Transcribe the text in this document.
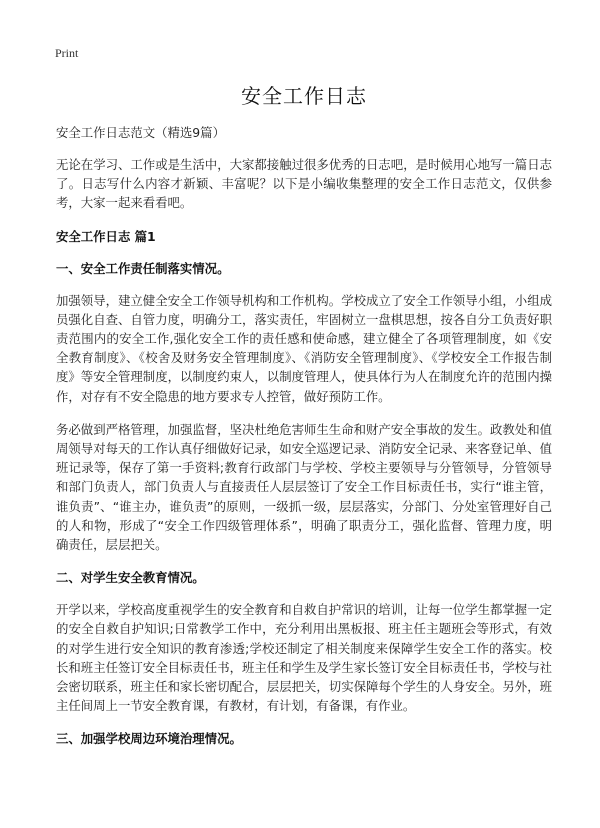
Print
安全工作日志
安全工作日志范文（精选9篇）
无论在学习、工作或是生活中，大家都接触过很多优秀的日志吧，是时候用心地写一篇日志了。日志写什么内容才新颖、丰富呢？以下是小编收集整理的安全工作日志范文，仅供参考，大家一起来看看吧。
安全工作日志 篇1
一、安全工作责任制落实情况。
加强领导，建立健全安全工作领导机构和工作机构。学校成立了安全工作领导小组，小组成员强化自查、自管力度，明确分工，落实责任，牢固树立一盘棋思想，按各自分工负责好职责范围内的安全工作,强化安全工作的责任感和使命感，建立健全了各项管理制度，如《安全教育制度》、《校舍及财务安全管理制度》、《消防安全管理制度》、《学校安全工作报告制度》等安全管理制度，以制度约束人，以制度管理人，使具体行为人在制度允许的范围内操作，对存有不安全隐患的地方要求专人控管，做好预防工作。
务必做到严格管理，加强监督，坚决杜绝危害师生生命和财产安全事故的发生。政教处和值周领导对每天的工作认真仔细做好记录，如安全巡逻记录、消防安全记录、来客登记单、值班记录等，保存了第一手资料;教育行政部门与学校、学校主要领导与分管领导，分管领导和部门负责人，部门负责人与直接责任人层层签订了安全工作目标责任书，实行“谁主管，谁负责”、“谁主办，谁负责”的原则，一级抓一级，层层落实，分部门、分处室管理好自己的人和物，形成了“安全工作四级管理体系”，明确了职责分工，强化监督、管理力度，明确责任，层层把关。
二、对学生安全教育情况。
开学以来，学校高度重视学生的安全教育和自救自护常识的培训，让每一位学生都掌握一定的安全自救自护知识;日常教学工作中，充分利用出黑板报、班主任主题班会等形式，有效的对学生进行安全知识的教育渗透;学校还制定了相关制度来保障学生安全工作的落实。校长和班主任签订安全目标责任书，班主任和学生及学生家长签订安全目标责任书，学校与社会密切联系，班主任和家长密切配合，层层把关，切实保障每个学生的人身安全。另外，班主任间周上一节安全教育课，有教材，有计划，有备课，有作业。
三、加强学校周边环境治理情况。
